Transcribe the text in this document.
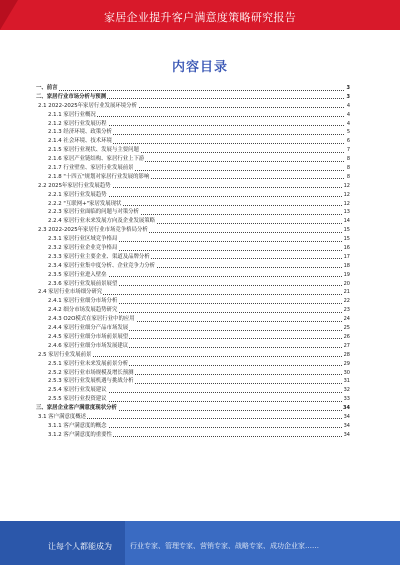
家居企业提升客户满意度策略研究报告
内容目录
一、前言	3
二、家居行业市场分析与预测	3
2.1 2022-2025年家居行业发展环境分析	4
2.1.1 家居行业概况	4
2.1.2 家居行业发展历程	4
2.1.3 经济环境、政策分析	5
2.1.4 社会环境、技术环境	6
2.1.5 家居行业现状、发展与主要问题	7
2.1.6 家居产业链结构、家居行业上下游	8
2.1.7 行业壁垒、家居行业发展前景	8
2.1.8 "十四五"规划对家居行业发展的影响	8
2.2 2025年家居行业发展趋势	12
2.2.1 家居行业发展趋势	12
2.2.2 "互联网+"家居发展现状	12
2.2.3 家居行业面临的问题与对策分析	13
2.2.4 家居行业未来发展方向及企业发展策略	14
2.3 2022-2025年家居行业市场竞争格局分析	15
2.3.1 家居行业区域竞争格局	15
2.3.2 家居行业企业竞争格局	16
2.3.3 家居行业主要企业、渠道及品牌分析	17
2.3.4 家居行业集中度分析、企业竞争力分析	18
2.3.5 家居行业进入壁垒	19
2.3.6 家居行业发展前景展望	20
2.4 家居行业市场细分研究	21
2.4.1 家居行业细分市场分析	22
2.4.2 细分市场发展趋势研究	23
2.4.3 O2O模式在家居行业中的应用	24
2.4.4 家居行业细分产品市场发展	25
2.4.5 家居行业细分市场前景展望	26
2.4.6 家居行业细分市场发展建议	27
2.5 家居行业发展前景	28
2.5.1 家居行业未来发展前景分析	29
2.5.2 家居行业市场规模及增长预测	30
2.5.3 家居行业发展机遇与挑战分析	31
2.5.4 家居行业发展建议	32
2.5.5 家居行业投资建议	33
三、家居企业客户满意度现状分析	34
3.1 客户满意度概述	34
3.1.1 客户满意度的概念	34
3.1.2 客户满意度的重要性	34
让每个人都能成为	行业专家、管理专家、营销专家、战略专家、成功企业家……
